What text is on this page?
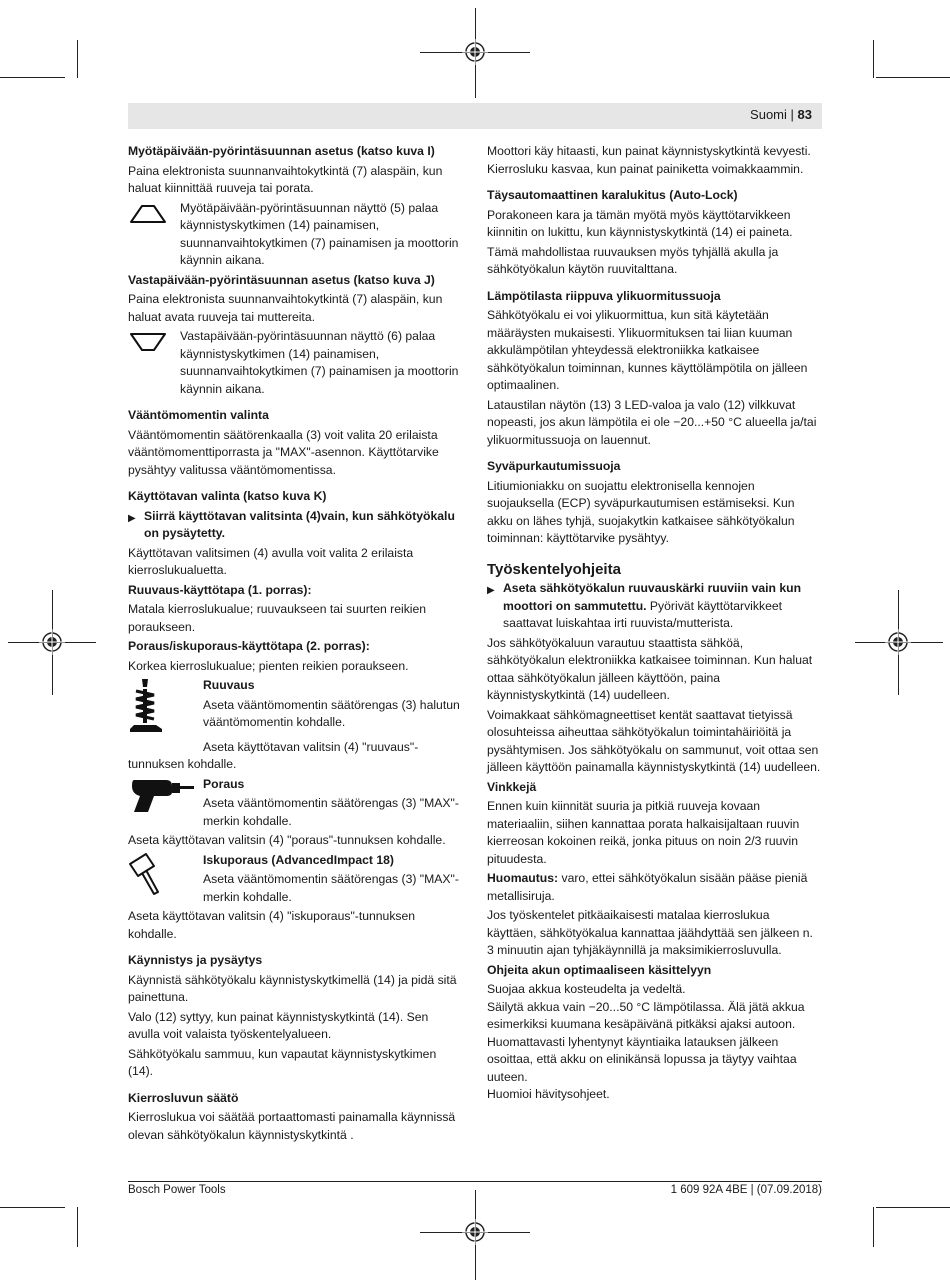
Suomi | 83

Myötäpäivään-pyörintäsuunnan asetus (katso kuva I)

Paina elektronista suunnanvaihtokytkintä (7) alaspäin, kun haluat kiinnittää ruuveja tai porata.

Myötäpäivään-pyörintäsuunnan näyttö (5) palaa käynnistyskytkimen (14) painamisen, suunnanvaihtokytkimen (7) painamisen ja moottorin käynnin aikana.

Vastapäivään-pyörintäsuunnan asetus (katso kuva J)

Paina elektronista suunnanvaihtokytkintä (7) alaspäin, kun haluat avata ruuveja tai muttereita.

Vastapäivään-pyörintäsuunnan näyttö (6) palaa käynnistyskytkimen (14) painamisen, suunnanvaihtokytkimen (7) painamisen ja moottorin käynnin aikana.

Vääntömomentin valinta

Vääntömomentin säätörenkaalla (3) voit valita 20 erilaista vääntömomenttiporrasta ja "MAX"-asennon. Käyttötarvike pysähtyy valitussa vääntömomentissa.

Käyttötavan valinta (katso kuva K)

▶ Siirrä käyttötavan valitsinta (4)vain, kun sähkötyökalu on pysäytetty.

Käyttötavan valitsimen (4) avulla voit valita 2 erilaista kierroslukualuetta.

Ruuvaus-käyttötapa (1. porras):

Matala kierroslukualue; ruuvaukseen tai suurten reikien poraukseen.

Poraus/iskuporaus-käyttötapa (2. porras):

Korkea kierroslukualue; pienten reikien poraukseen.

Ruuvaus

Aseta vääntömomentin säätörengas (3) halutun vääntömomentin kohdalle.

Aseta käyttötavan valitsin (4) "ruuvaus"-tunnuksen kohdalle.

Poraus

Aseta vääntömomentin säätörengas (3) "MAX"-merkin kohdalle.

Aseta käyttötavan valitsin (4) "poraus"-tunnuksen kohdalle.

Iskuporaus (AdvancedImpact 18)

Aseta vääntömomentin säätörengas (3) "MAX"-merkin kohdalle.

Aseta käyttötavan valitsin (4) "iskuporaus"-tunnuksen kohdalle.

Käynnistys ja pysäytys

Käynnistä sähkötyökalu käynnistyskytkimellä (14) ja pidä sitä painettuna.

Valo (12) syttyy, kun painat käynnistyskytkintä (14). Sen avulla voit valaista työskentelyalueen.

Sähkötyökalu sammuu, kun vapautat käynnistyskytkimen (14).

Kierrosluvun säätö

Kierroslukua voi säätää portaattomasti painamalla käynnissä olevan sähkötyökalun käynnistyskytkintä .

Moottori käy hitaasti, kun painat käynnistyskytkintä kevyesti. Kierrosluku kasvaa, kun painat painiketta voimakkaammin.

Täysautomaattinen karalukitus (Auto-Lock)

Porakoneen kara ja tämän myötä myös käyttötarvikkeen kiinnitin on lukittu, kun käynnistyskytkintä (14) ei paineta.

Tämä mahdollistaa ruuvauksen myös tyhjällä akulla ja sähkötyökalun käytön ruuvitalttana.

Lämpötilasta riippuva ylikuormitussuoja

Sähkötyökalu ei voi ylikuormittua, kun sitä käytetään määräysten mukaisesti. Ylikuormituksen tai liian kuuman akkulämpötilan yhteydessä elektroniikka katkaisee sähkötyökalun toiminnan, kunnes käyttölämpötila on jälleen optimaalinen.

Lataustilan näytön (13) 3 LED-valoa ja valo (12) vilkkuvat nopeasti, jos akun lämpötila ei ole −20...+50 °C alueella ja/tai ylikuormitussuoja on lauennut.

Syväpurkautumissuoja

Litiumioniakku on suojattu elektronisella kennojen suojauksella (ECP) syväpurkautumisen estämiseksi. Kun akku on lähes tyhjä, suojakytkin katkaisee sähkötyökalun toiminnan: käyttötarvike pysähtyy.

Työskentelyohjeita

▶ Aseta sähkötyökalun ruuvauskärki ruuviin vain kun moottori on sammutettu. Pyörivät käyttötarvikkeet saattavat luiskahtaa irti ruuvista/mutterista.

Jos sähkötyökaluun varautuu staattista sähköä, sähkötyökalun elektroniikka katkaisee toiminnan. Kun haluat ottaa sähkötyökalun jälleen käyttöön, paina käynnistyskytkintä (14) uudelleen.

Voimakkaat sähkömagneettiset kentät saattavat tietyissä olosuhteissa aiheuttaa sähkötyökalun toimintahäiriöitä ja pysähtymisen. Jos sähkötyökalu on sammunut, voit ottaa sen jälleen käyttöön painamalla käynnistyskytkintä (14) uudelleen.

Vinkkejä

Ennen kuin kiinnität suuria ja pitkiä ruuveja kovaan materiaaliin, siihen kannattaa porata halkaisijaltaan ruuvin kierreosan kokoinen reikä, jonka pituus on noin 2/3 ruuvin pituudesta.

Huomautus: varo, ettei sähkötyökalun sisään pääse pieniä metallisiruja.

Jos työskentelet pitkäaikaisesti matalaa kierroslukua käyttäen, sähkötyökalua kannattaa jäähdyttää sen jälkeen n. 3 minuutin ajan tyhjäkäynnillä ja maksimikierrosluvulla.

Ohjeita akun optimaaliseen käsittelyyn

Suojaa akkua kosteudelta ja vedeltä.

Säilytä akkua vain −20...50 °C lämpötilassa. Älä jätä akkua esimerkiksi kuumana kesäpäivänä pitkäksi ajaksi autoon.

Huomattavasti lyhentynyt käyntiaika latauksen jälkeen osoittaa, että akku on elinikänsä lopussa ja täytyy vaihtaa uuteen.

Huomioi hävitysohjeet.

Bosch Power Tools	1 609 92A 4BE | (07.09.2018)
